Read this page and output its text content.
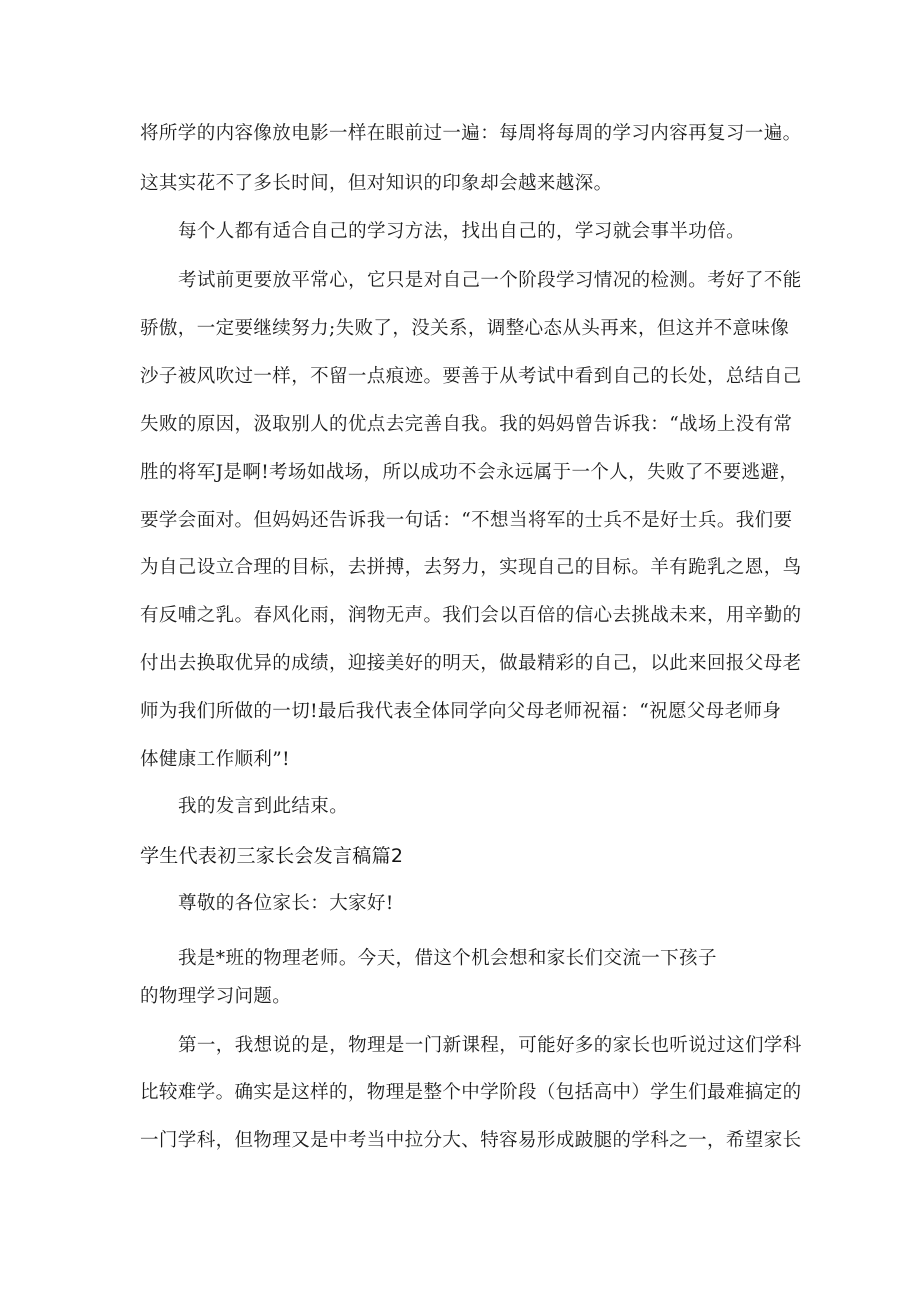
将所学的内容像放电影一样在眼前过一遍：每周将每周的学习内容再复习一遍。
这其实花不了多长时间，但对知识的印象却会越来越深。
每个人都有适合自己的学习方法，找出自己的，学习就会事半功倍。
考试前更要放平常心，它只是对自己一个阶段学习情况的检测。考好了不能
骄傲，一定要继续努力;失败了，没关系，调整心态从头再来，但这并不意味像
沙子被风吹过一样，不留一点痕迹。要善于从考试中看到自己的长处，总结自己
失败的原因，汲取别人的优点去完善自我。我的妈妈曾告诉我：“战场上没有常
胜的将军J是啊!考场如战场，所以成功不会永远属于一个人，失败了不要逃避，
要学会面对。但妈妈还告诉我一句话：“不想当将军的士兵不是好士兵。我们要
为自己设立合理的目标，去拼搏，去努力，实现自己的目标。羊有跪乳之恩，鸟
有反哺之乳。春风化雨，润物无声。我们会以百倍的信心去挑战未来，用辛勤的
付出去换取优异的成绩，迎接美好的明天，做最精彩的自己，以此来回报父母老
师为我们所做的一切!最后我代表全体同学向父母老师祝福：“祝愿父母老师身
体健康工作顺利”!
我的发言到此结束。
学生代表初三家长会发言稿篇2
尊敬的各位家长：大家好!
我是*班的物理老师。今天，借这个机会想和家长们交流一下孩子
的物理学习问题。
第一，我想说的是，物理是一门新课程，可能好多的家长也听说过这们学科
比较难学。确实是这样的，物理是整个中学阶段（包括高中）学生们最难搞定的
一门学科，但物理又是中考当中拉分大、特容易形成跛腿的学科之一，希望家长
